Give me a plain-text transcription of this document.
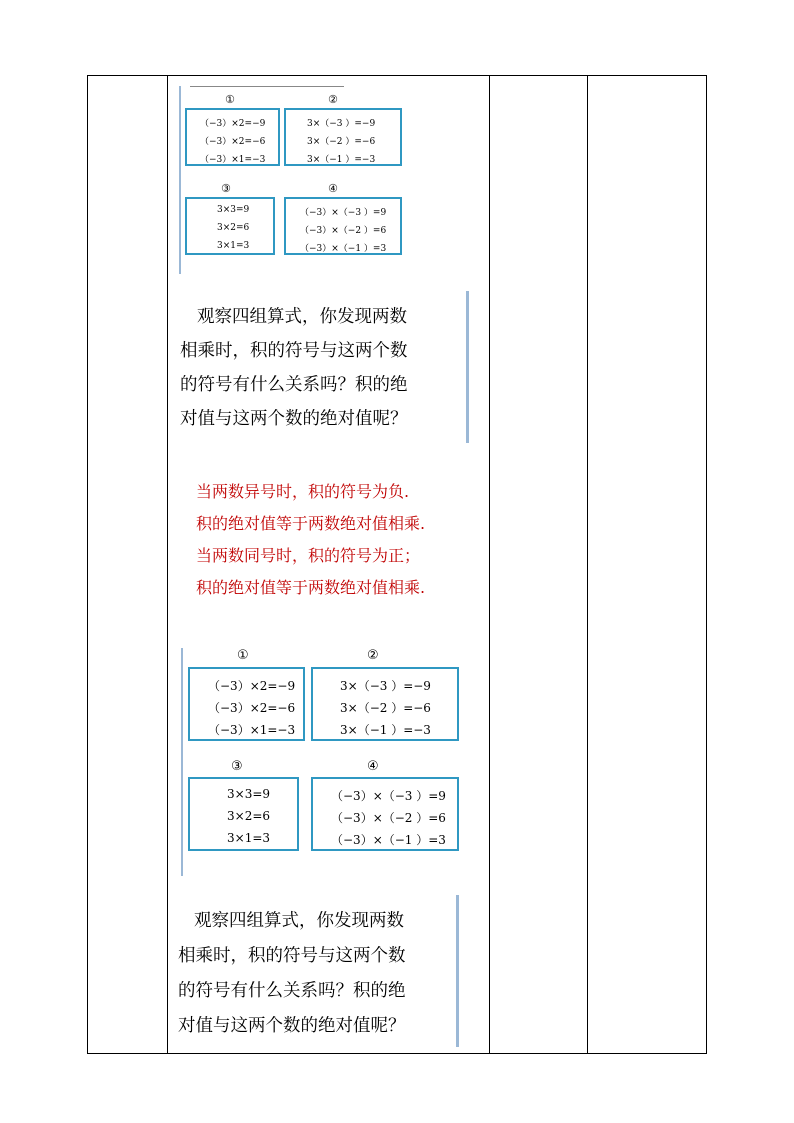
①	②
（−3）×2=−9
（−3）×2=−6
（−3）×1=−3
3×（−3 ）=−9
3×（−2 ）=−6
3×（−1 ）=−3
③	④
3×3=9
3×2=6
3×1=3
（−3）×（−3 ）=9
（−3）×（−2 ）=6
（−3）×（−1 ）=3
观察四组算式，你发现两数
相乘时，积的符号与这两个数
的符号有什么关系吗？积的绝
对值与这两个数的绝对值呢？
当两数异号时，积的符号为负.
积的绝对值等于两数绝对值相乘.
当两数同号时，积的符号为正；
积的绝对值等于两数绝对值相乘.
①	②
（−3）×2=−9
（−3）×2=−6
（−3）×1=−3
3×（−3 ）=−9
3×（−2 ）=−6
3×（−1 ）=−3
③	④
3×3=9
3×2=6
3×1=3
（−3）×（−3 ）=9
（−3）×（−2 ）=6
（−3）×（−1 ）=3
观察四组算式，你发现两数
相乘时，积的符号与这两个数
的符号有什么关系吗？积的绝
对值与这两个数的绝对值呢？
